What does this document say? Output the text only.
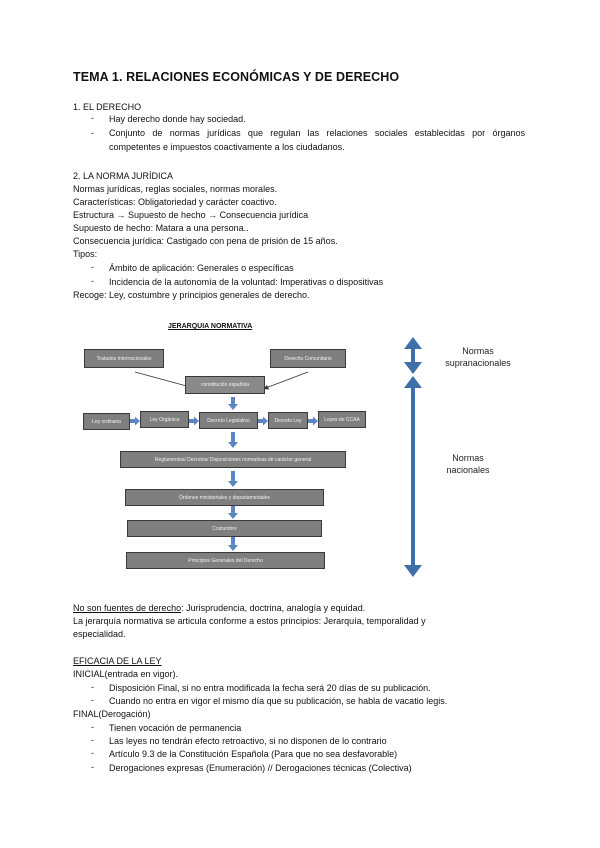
TEMA 1. RELACIONES ECONÓMICAS Y DE DERECHO
1. EL DERECHO
- Hay derecho donde hay sociedad.
- Conjunto de normas jurídicas que regulan las relaciones sociales establecidas por órganos competentes e impuestos coactivamente a los ciudadanos.
2. LA NORMA JURÍDICA
Normas jurídicas, reglas sociales, normas morales.
Características: Obligatoriedad y carácter coactivo.
Estructura → Supuesto de hecho → Consecuencia jurídica
Supuesto de hecho: Matara a una persona..
Consecuencia jurídica: Castigado con pena de prisión de 15 años.
Tipos:
- Ámbito de aplicación: Generales o específicas
- Incidencia de la autonomía de la voluntad: Imperativas o dispositivas
Recoge: Ley, costumbre y principios generales de derecho.
JERARQUIA NORMATIVA
Tratados Internacionales	Derecho Comunitario
constitución española
Ley ordinaria	Ley Orgánica	Decreto Legislativo	Decreto Ley	Leyes de CCAA
Reglamentos/ Decretos/ Disposiciones normativas de carácter general
Órdenes ministeriales y departamentales
Costumbre
Principios Generales del Derecho
Normas supranacionales
Normas nacionales
No son fuentes de derecho: Jurisprudencia, doctrina, analogía y equidad.
La jerarquía normativa se articula conforme a estos principios: Jerarquía, temporalidad y especialidad.
EFICACIA DE LA LEY
INICIAL(entrada en vigor).
- Disposición Final, si no entra modificada la fecha será 20 días de su publicación.
- Cuando no entra en vigor el mismo día que su publicación, se habla de vacatio legis.
FINAL(Derogación)
- Tienen vocación de permanencia
- Las leyes no tendrán efecto retroactivo, si no disponen de lo contrario
- Artículo 9.3 de la Constitución Española (Para que no sea desfavorable)
- Derogaciones expresas (Enumeración) // Derogaciones técnicas (Colectiva)
